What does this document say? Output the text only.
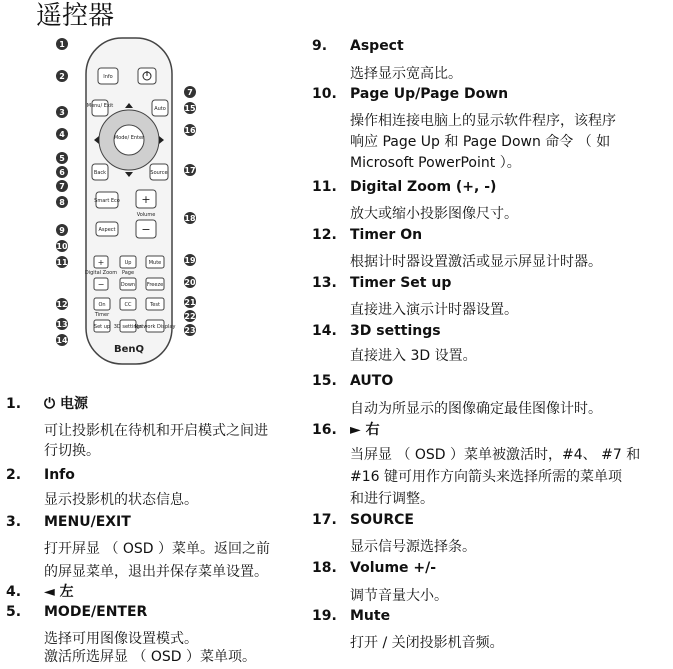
遥控器
Info
Menu/ Exit	Auto
Mode/ Enter
Back	Source
Smart Eco +
Volume
−
Aspect
+
Digital Zoom
−
Up
Page
Down
Mute
Freeze
On
Timer
Set up
CC
3D settings
Test
Network Display
BenQ
1
2
3
4
5
6
7
7
15
16
17
8
9
10
11
12
13
14
18
19
20
21
22
23
1. ⏻ 电源
可让投影机在待机和开启模式之间进
行切换。
2. Info
显示投影机的状态信息。
3. MENU/EXIT
打开屏显 （ OSD ）菜单。返回之前
的屏显菜单，退出并保存菜单设置。
4. ◄ 左
5. MODE/ENTER
选择可用图像设置模式。
激活所选屏显 （ OSD ）菜单项。
9. Aspect
选择显示宽高比。
10. Page Up/Page Down
操作相连接电脑上的显示软件程序，该程序
响应 Page Up 和 Page Down 命令 （ 如
Microsoft PowerPoint ）。
11. Digital Zoom (+, -)
放大或缩小投影图像尺寸。
12. Timer On
根据计时器设置激活或显示屏显计时器。
13. Timer Set up
直接进入演示计时器设置。
14. 3D settings
直接进入 3D 设置。
15. AUTO
自动为所显示的图像确定最佳图像计时。
16. ► 右
当屏显 （ OSD ）菜单被激活时，#4、 #7 和
#16 键可用作方向箭头来选择所需的菜单项
和进行调整。
17. SOURCE
显示信号源选择条。
18. Volume +/-
调节音量大小。
19. Mute
打开 / 关闭投影机音频。
